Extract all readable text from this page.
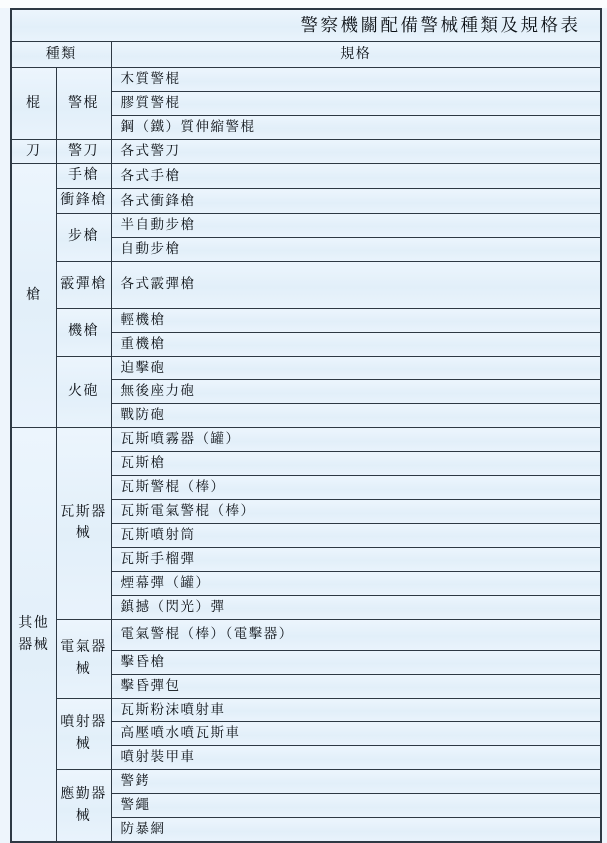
警察機關配備警械種類及規格表		
種類		規格
棍	警棍	木質警棍
		膠質警棍
		鋼（鐵）質伸縮警棍
刀	警刀	各式警刀
槍	手槍	各式手槍
	衝鋒槍	各式衝鋒槍
	步槍	半自動步槍
		自動步槍
	霰彈槍	各式霰彈槍
	機槍	輕機槍
		重機槍
	火砲	迫擊砲
		無後座力砲
		戰防砲
其他器械	瓦斯器械	瓦斯噴霧器（罐）
		瓦斯槍
		瓦斯警棍（棒）
		瓦斯電氣警棍（棒）
		瓦斯噴射筒
		瓦斯手榴彈
		煙幕彈（罐）
		鎮撼（閃光）彈
	電氣器械	電氣警棍（棒）（電擊器）
		擊昏槍
		擊昏彈包
	噴射器械	瓦斯粉沫噴射車
		高壓噴水噴瓦斯車
		噴射裝甲車
	應勤器械	警銬
		警繩
		防暴網
